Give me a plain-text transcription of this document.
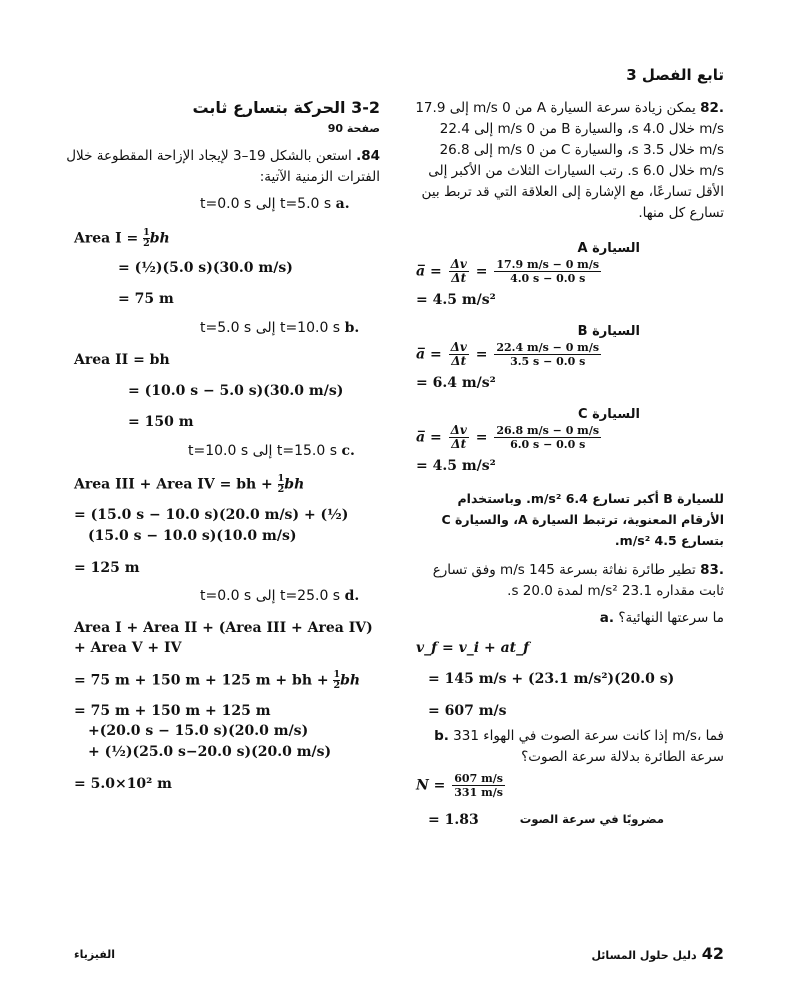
تابع الفصل 3
3-2 الحركة بتسارع ثابت
صفحة 90
84. استعن بالشكل 19–3 لإيجاد الإزاحة المقطوعة خلال الفترات الزمنية الآتية:
t=0.0 s إلى t=5.0 s a.
Area $I = \frac{1}{2}$ bh
= (½)(5.0 s)(30.0 m/s)
= 75 m
t=5.0 s إلى t=10.0 s b.
Area II = bh
= (10.0 s − 5.0 s)(30.0 m/s)
= 150 m
t=10.0 s إلى t=15.0 s c.
Area III + Area IV = bh + $\frac{1}{2}$ bh
= (15.0 s − 10.0 s)(20.0 m/s) + (½)
(15.0 s − 10.0 s)(10.0 m/s)
= 125 m
t=0.0 s إلى t=25.0 s d.
Area I + Area II + (Area III + Area IV)
+ Area V + IV
= 75 m + 150 m + 125 m + bh + $\frac{1}{2}$ bh
= 75 m + 150 m + 125 m
+(20.0 s − 15.0 s)(20.0 m/s)
+ (½)(25.0 s−20.0 s)(20.0 m/s)
= 5.0×10² m
.82 يمكن زيادة سرعة السيارة A من 0 m/s إلى 17.9 m/s خلال 4.0 s، والسيارة B من 0 m/s إلى 22.4 m/s خلال 3.5 s، والسيارة C من 0 m/s إلى 26.8 m/s خلال 6.0 s. رتب السيارات الثلاث من الأكبر إلى الأقل تسارعًا، مع الإشارة إلى العلاقة التي قد تربط بين تسارع كل منها.
السيارة A
a̅ = $\frac{\Delta v}{\Delta t} = \frac{17.9 m/s - 0 m/s}{4.0 s - 0.0 s}$
= 4.5 m/s²
السيارة B
a̅ = $\frac{\Delta v}{\Delta t} = \frac{22.4 m/s - 0 m/s}{3.5 s - 0.0 s}$
= 6.4 m/s²
السيارة C
a̅ = $\frac{\Delta v}{\Delta t} = \frac{26.8 m/s - 0 m/s}{6.0 s - 0.0 s}$
= 4.5 m/s²
للسيارة B أكبر تسارع 6.4 m/s². وباستخدام الأرقام المعنوية، ترتبط السيارة A، والسيارة C بتسارع 4.5 m/s².
.83 تطير طائرة نفاثة بسرعة 145 m/s وفق تسارع ثابت مقداره 23.1 m/s² لمدة 20.0 s.
a. ما سرعتها النهائية؟
v_f = v_i + at_f
= 145 m/s + (23.1 m/s²)(20.0 s)
= 607 m/s
b. إذا كانت سرعة الصوت في الهواء 331 m/s، فما سرعة الطائرة بدلالة سرعة الصوت؟
$N = \frac{607 m/s}{331 m/s}$
= 1.83	مضروبًا في سرعة الصوت
42 دليل حلول المسائل
الفيزياء
